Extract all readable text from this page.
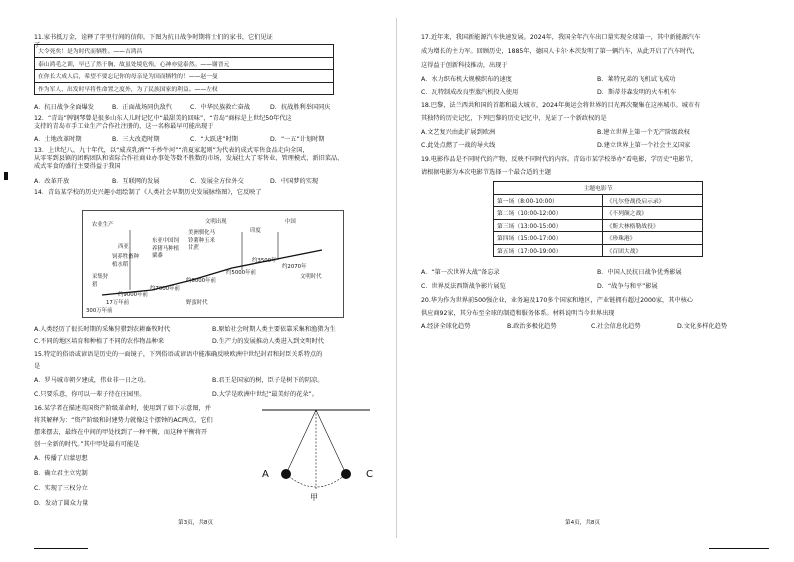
11.家书抵万金，诠释了字里行间的信仰。下图为抗日战争时期将士们的家书，它们见证
了
大令死矣！是为时代而牺牲。——吉鸿昌
泰山鸿毛之训，早已了然于胸，故虽处境危殆，心神亦觉泰然。——谢晋元
在你长大成人后，希望不要忘记你的母亲是为国而牺牲的！——赵一曼
作为军人，出发时早将性命置之度外，为了民族国家的利益。——左权
A．抗日战争全面爆发	B．正面战场同仇敌忾	C．中华民族救亡奋战	D．抗战胜利举国同庆
12．“青岛”牌钢琴曾是很多山东人儿时记忆中“最甜美的回味”，“青岛”商标是上世纪50年代这
支持的青岛市手工业生产合作社注册的，这一名称最早可能出现于
A．土地改革时期	B．三大改造时期	C．“大跃进”时期	D．“一五”计划时期
13．上世纪八、九十年代，以“威戎乳酒”“千炒牛河”“消夏家起则”为代表的成式零售食品走向全国，
从零零到县镇的团购团队和省际合作社商业办事处等数不胜数的市场，发展壮大了零售业、管理模式、新旧菜品、
成式零食的盛行主要得益于我国
A．改革开放	B．互联网的发展	C．发展全方位外交	D．中国梦的实现
14．青岛某学校的历史兴趣小组绘制了《人类社会早期历史发展脉络图》，它反映了
农业生产
西亚
饲养牲畜种植水稻
东亚中国饲养猪马种植粟黍
美洲驯化马铃薯种玉米甘蔗
文明出现
印度
中国
采集狩猎
约9000年前
约7000年前
约6000年前
约5000年前
约2070年
约3500年
文明时代
17万年前
300万年前
野蛮时代
A.人类经历了很长时期的采集狩猎到农耕畜牧时代	B.原始社会时期人类主要依靠采集和渔猎为生
C.不同的地区培育和种植了不同的农作物品种来	D.生产力的发展推动人类进入到文明时代
15.特定的俗语或谚语是历史的一面镜子，下列俗语或谚语中能准确反映欧洲中世纪封君和封臣关系特点的
是
A．罗马城市朝夕建成，伟业非一日之功。	B.君王是国家的树，臣子是树下的阴凉。
C.只要乐意，你可以一辈子待在庄园里。	D.大学是欧洲中世纪“最美好的花朵”。
16.某学者在描述英国资产阶级革命时，使用到了如下示意图，并
将其解释为：“资产阶级和封建势力就像这个摆钟的AC两点，它们
摆来摆去，最终在中间的甲处找到了一种平衡，而这种平衡将开
创一全新的时代。”其中甲处最有可能是
A．传播了启蒙思想
B．确立君主立宪制
C．实现了三权分立
D．发动了圆众力量
A	C
甲
第3页，共8页
17.近年来，我国新能源汽车快速发展。2024年，我国全年汽车出口量实现全球第一，其中新能源汽车
成为增长的主力军。回顾历史，1885年，德国人卡尔·本茨发明了第一辆汽车，从此开启了汽车时代，
这得益于创新科技推动，出现于
A．水力织布机大规模织布的速度	B．莱特兄弟的飞机试飞成功
C．瓦特制成改良型蒸汽机投入使用	D．斯蒂芬森发明的火车机车
18.巴黎，法兰西共和国的首都和最大城市，2024年奥运会将世界的目光再次聚集在这座城市。城市有
其独特的历史记忆，下列巴黎的历史记忆中，见证了一个新政权的是
A.文艺复兴由此扩展到欧洲	B.建立世界上第一个无产阶级政权
C.此处点燃了一战的导火线	D.建立世界上第一个社会主义国家
19.电影作品是不同时代的产物，反映不同时代的内容。青岛市某学校举办“看电影，学历史”电影节，
请根据电影为本次电影节选择一个最合适的主题
主题电影节	
第一场（8:00-10:00）	《凡尔登战役启示录》
第二场（10:00-12:00）	《不列颠之战》
第三场（13:00-15:00）	《斯大林格勒战役》
第四场（15:00-17:00）	《珍珠港》
第五场（17:00-19:00）	《百团大战》
A．“第一次世界大战”备忘录	B．中国人民抗日战争优秀影展
C．世界反法西斯战争影片展览	D．“战争与和平”影展
20.华为作为世界前500强企业，业务遍及170多个国家和地区，产业链拥有超过2000家，其中核心
供应商92家，其分布至全球的制造和服务体系。材料说明当今世界出现
A.经济全球化趋势	B.政治多极化趋势	C.社会信息化趋势	D.文化多样化趋势
第4页，共8页
